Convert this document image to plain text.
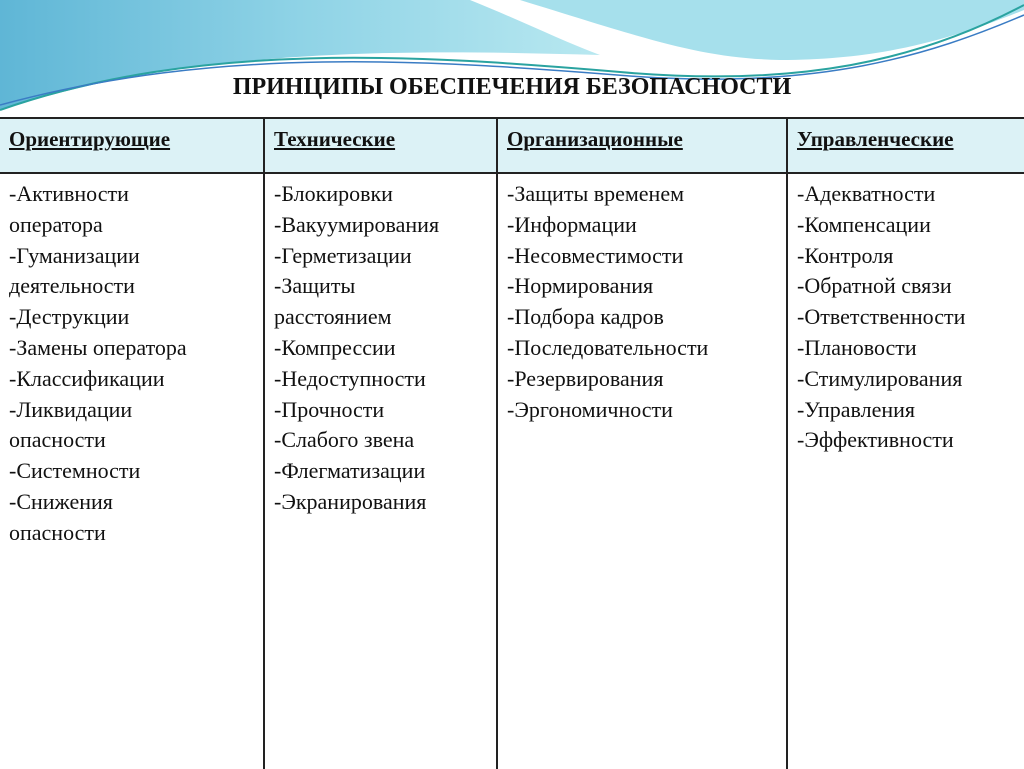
ПРИНЦИПЫ ОБЕСПЕЧЕНИЯ БЕЗОПАСНОСТИ
Ориентирующие
-Активности
оператора
-Гуманизации
деятельности
-Деструкции
-Замены оператора
-Классификации
-Ликвидации
опасности
-Системности
-Снижения
опасности
Технические
-Блокировки
-Вакуумирования
-Герметизации
-Защиты
расстоянием
-Компрессии
-Недоступности
-Прочности
-Слабого звена
-Флегматизации
-Экранирования
Организационные
-Защиты временем
-Информации
-Несовместимости
-Нормирования
-Подбора кадров
-Последовательности
-Резервирования
-Эргономичности
Управленческие
-Адекватности
-Компенсации
-Контроля
-Обратной связи
-Ответственности
-Плановости
-Стимулирования
-Управления
-Эффективности
